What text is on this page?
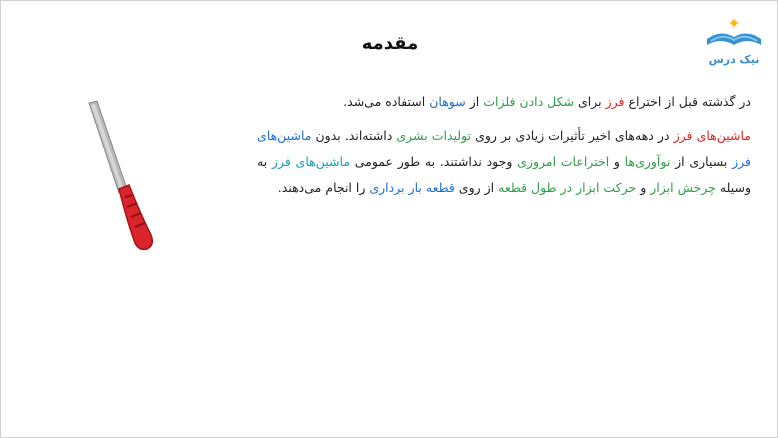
نیک درس
مقدمه

در گذشته قبل از اختراع فرز برای شکل دادن فلزات از سوهان استفاده می‌شد.

ماشین‌های فرز در دهه‌های اخیر تأثیرات زیادی بر روی تولیدات بشری داشته‌اند. بدون ماشین‌های فرز بسیاری از نوآوری‌ها و اختراعات امروزی وجود نداشتند. به طور عمومی ماشین‌های فرز به وسیله چرخش ابزار و حرکت ابزار در طول قطعه از روی قطعه بار برداری را انجام می‌دهند.
